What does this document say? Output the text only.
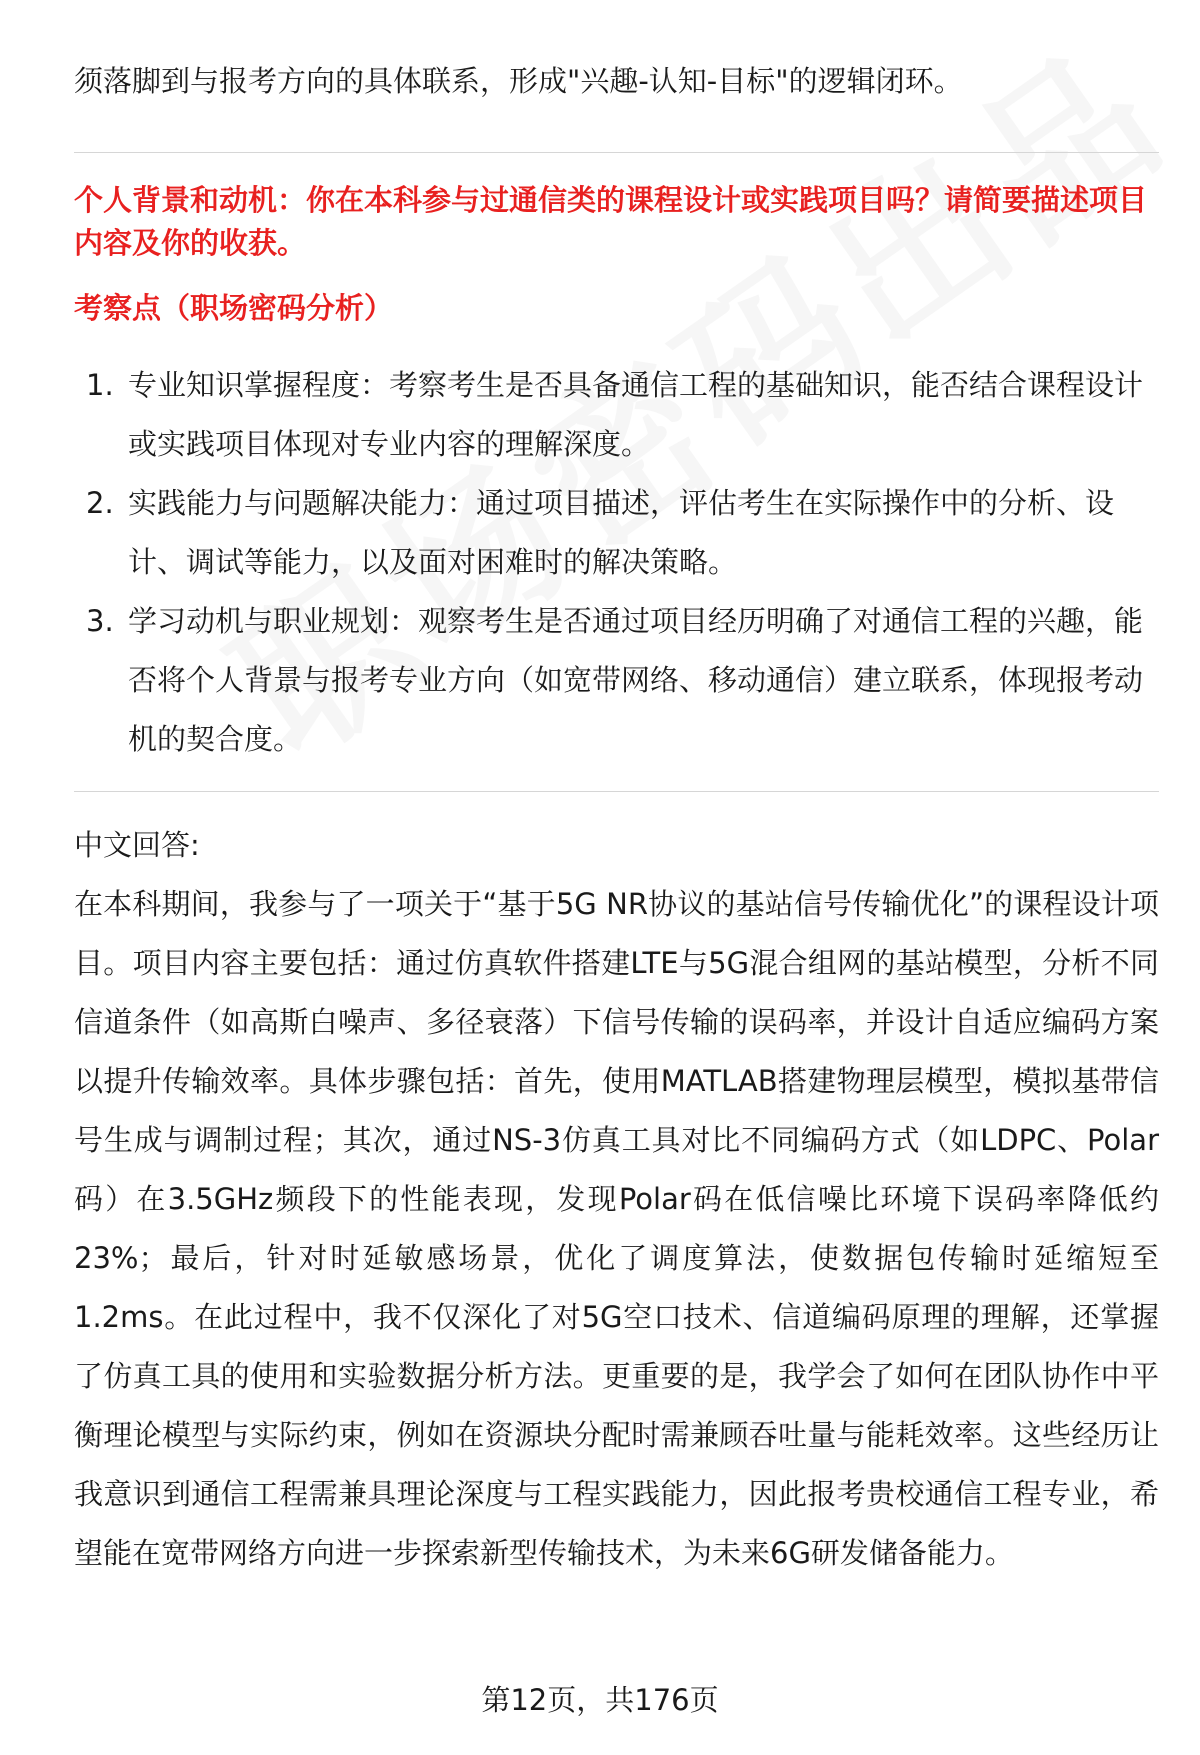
须落脚到与报考方向的具体联系，形成"兴趣-认知-目标"的逻辑闭环。

个人背景和动机：你在本科参与过通信类的课程设计或实践项目吗？请简要描述项目内容及你的收获。

考察点（职场密码分析）

1. 专业知识掌握程度：考察考生是否具备通信工程的基础知识，能否结合课程设计或实践项目体现对专业内容的理解深度。
2. 实践能力与问题解决能力：通过项目描述，评估考生在实际操作中的分析、设计、调试等能力，以及面对困难时的解决策略。
3. 学习动机与职业规划：观察考生是否通过项目经历明确了对通信工程的兴趣，能否将个人背景与报考专业方向（如宽带网络、移动通信）建立联系，体现报考动机的契合度。

中文回答:

在本科期间，我参与了一项关于“基于5G NR协议的基站信号传输优化”的课程设计项目。项目内容主要包括：通过仿真软件搭建LTE与5G混合组网的基站模型，分析不同信道条件（如高斯白噪声、多径衰落）下信号传输的误码率，并设计自适应编码方案以提升传输效率。具体步骤包括：首先，使用MATLAB搭建物理层模型，模拟基带信号生成与调制过程；其次，通过NS-3仿真工具对比不同编码方式（如LDPC、Polar码）在3.5GHz频段下的性能表现，发现Polar码在低信噪比环境下误码率降低约23%；最后，针对时延敏感场景，优化了调度算法，使数据包传输时延缩短至1.2ms。在此过程中，我不仅深化了对5G空口技术、信道编码原理的理解，还掌握了仿真工具的使用和实验数据分析方法。更重要的是，我学会了如何在团队协作中平衡理论模型与实际约束，例如在资源块分配时需兼顾吞吐量与能耗效率。这些经历让我意识到通信工程需兼具理论深度与工程实践能力，因此报考贵校通信工程专业，希望能在宽带网络方向进一步探索新型传输技术，为未来6G研发储备能力。

第12页，共176页
